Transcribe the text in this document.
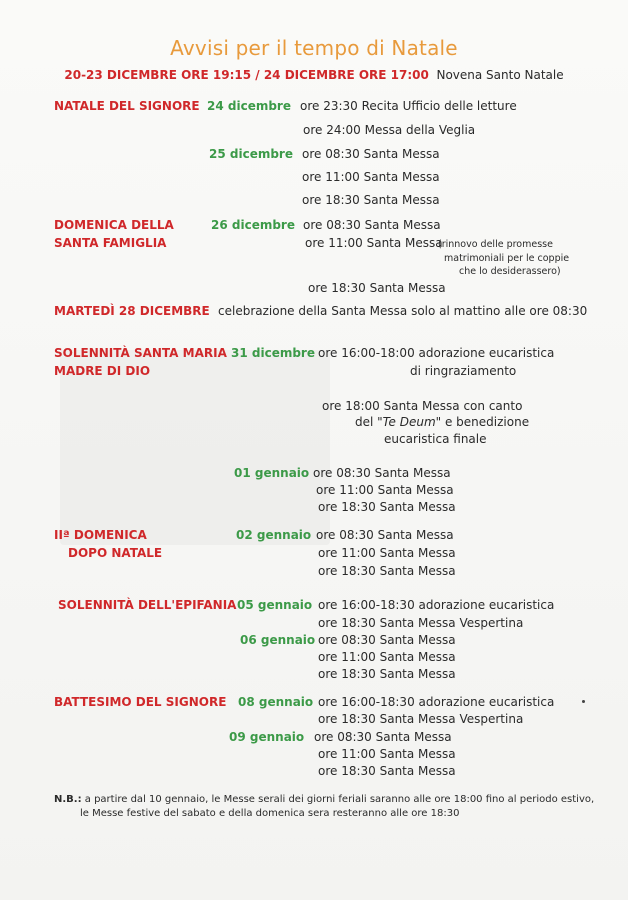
Avvisi per il tempo di Natale
20-23 DICEMBRE ORE 19:15 / 24 DICEMBRE ORE 17:00 Novena Santo Natale
NATALE DEL SIGNORE 24 dicembre ore 23:30 Recita Ufficio delle letture
ore 24:00 Messa della Veglia
25 dicembre ore 08:30 Santa Messa
ore 11:00 Santa Messa
ore 18:30 Santa Messa
DOMENICA DELLA
SANTA FAMIGLIA
26 dicembre ore 08:30 Santa Messa
ore 11:00 Santa Messa
(rinnovo delle promesse
matrimoniali per le coppie
che lo desiderassero)
ore 18:30 Santa Messa
MARTEDÌ 28 DICEMBRE celebrazione della Santa Messa solo al mattino alle ore 08:30
SOLENNITÀ SANTA MARIA
MADRE DI DIO
31 dicembre ore 16:00-18:00 adorazione eucaristica
di ringraziamento
ore 18:00 Santa Messa con canto
del "Te Deum" e benedizione
eucaristica finale
01 gennaio ore 08:30 Santa Messa
ore 11:00 Santa Messa
ore 18:30 Santa Messa
IIª DOMENICA
DOPO NATALE
02 gennaio ore 08:30 Santa Messa
ore 11:00 Santa Messa
ore 18:30 Santa Messa
SOLENNITÀ DELL'EPIFANIA 05 gennaio ore 16:00-18:30 adorazione eucaristica
ore 18:30 Santa Messa Vespertina
06 gennaio ore 08:30 Santa Messa
ore 11:00 Santa Messa
ore 18:30 Santa Messa
BATTESIMO DEL SIGNORE 08 gennaio ore 16:00-18:30 adorazione eucaristica
ore 18:30 Santa Messa Vespertina
09 gennaio ore 08:30 Santa Messa
ore 11:00 Santa Messa
ore 18:30 Santa Messa
N.B.: a partire dal 10 gennaio, le Messe serali dei giorni feriali saranno alle ore 18:00 fino al periodo estivo,
le Messe festive del sabato e della domenica sera resteranno alle ore 18:30
